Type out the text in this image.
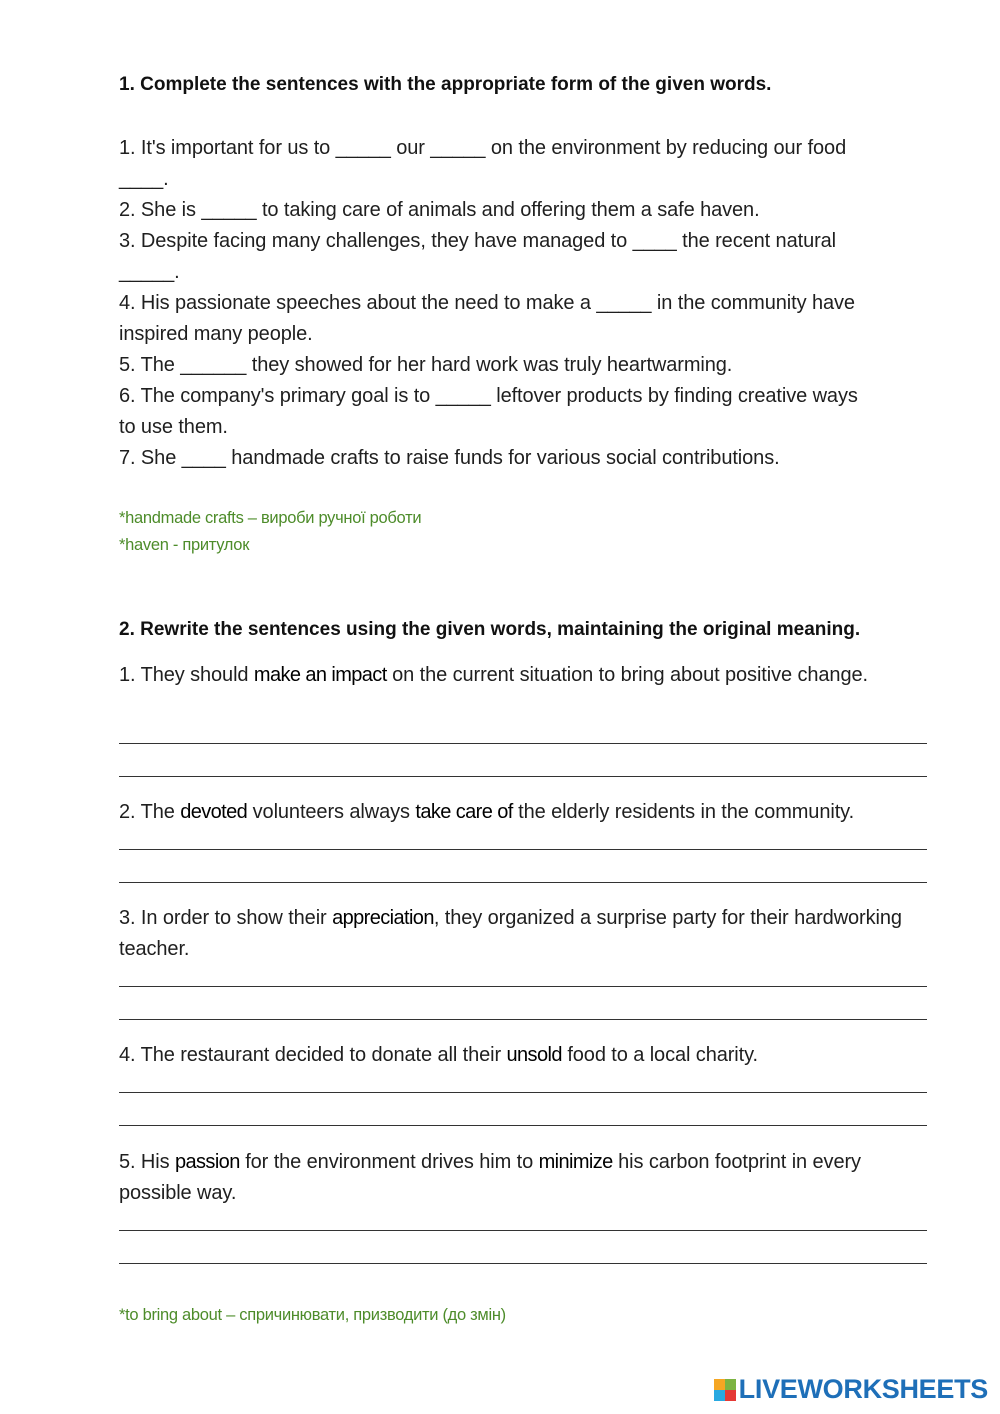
1. Complete the sentences with the appropriate form of the given words.
1. It's important for us to _____ our _____ on the environment by reducing our food
____.
2. She is _____ to taking care of animals and offering them a safe haven.
3. Despite facing many challenges, they have managed to ____ the recent natural
_____.
4. His passionate speeches about the need to make a _____ in the community have
inspired many people.
5. The ______ they showed for her hard work was truly heartwarming.
6. The company's primary goal is to _____ leftover products by finding creative ways
to use them.
7. She ____ handmade crafts to raise funds for various social contributions.
*handmade crafts – вироби ручної роботи
*haven - притулок
2. Rewrite the sentences using the given words, maintaining the original meaning.
1. They should make an impact on the current situation to bring about positive change.
2. The devoted volunteers always take care of the elderly residents in the community.
3. In order to show their appreciation, they organized a surprise party for their hardworking teacher.
4. The restaurant decided to donate all their unsold food to a local charity.
5. His passion for the environment drives him to minimize his carbon footprint in every possible way.
*to bring about – спричинювати, призводити (до змін)
LIVEWORKSHEETS
